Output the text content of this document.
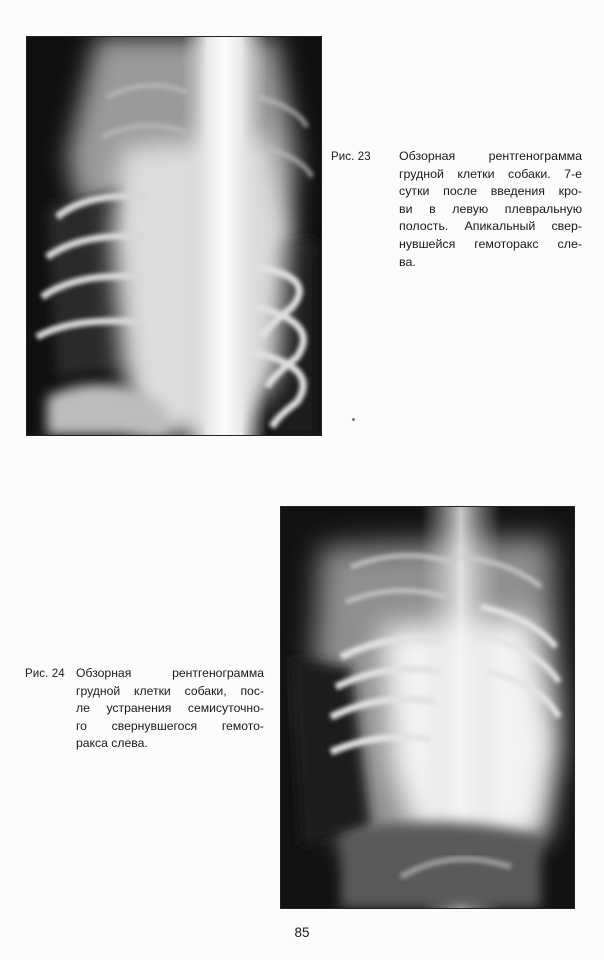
Рис. 23 Обзорная рентгенограмма
грудной клетки собаки. 7-е
сутки после введения кро-
ви в левую плевральную
полость. Апикальный свер-
нувшейся гемоторакс сле-
ва.
Рис. 24 Обзорная рентгенограмма
грудной клетки собаки, пос-
ле устранения семисуточно-
го свернувшегося гемото-
ракса слева.
85
